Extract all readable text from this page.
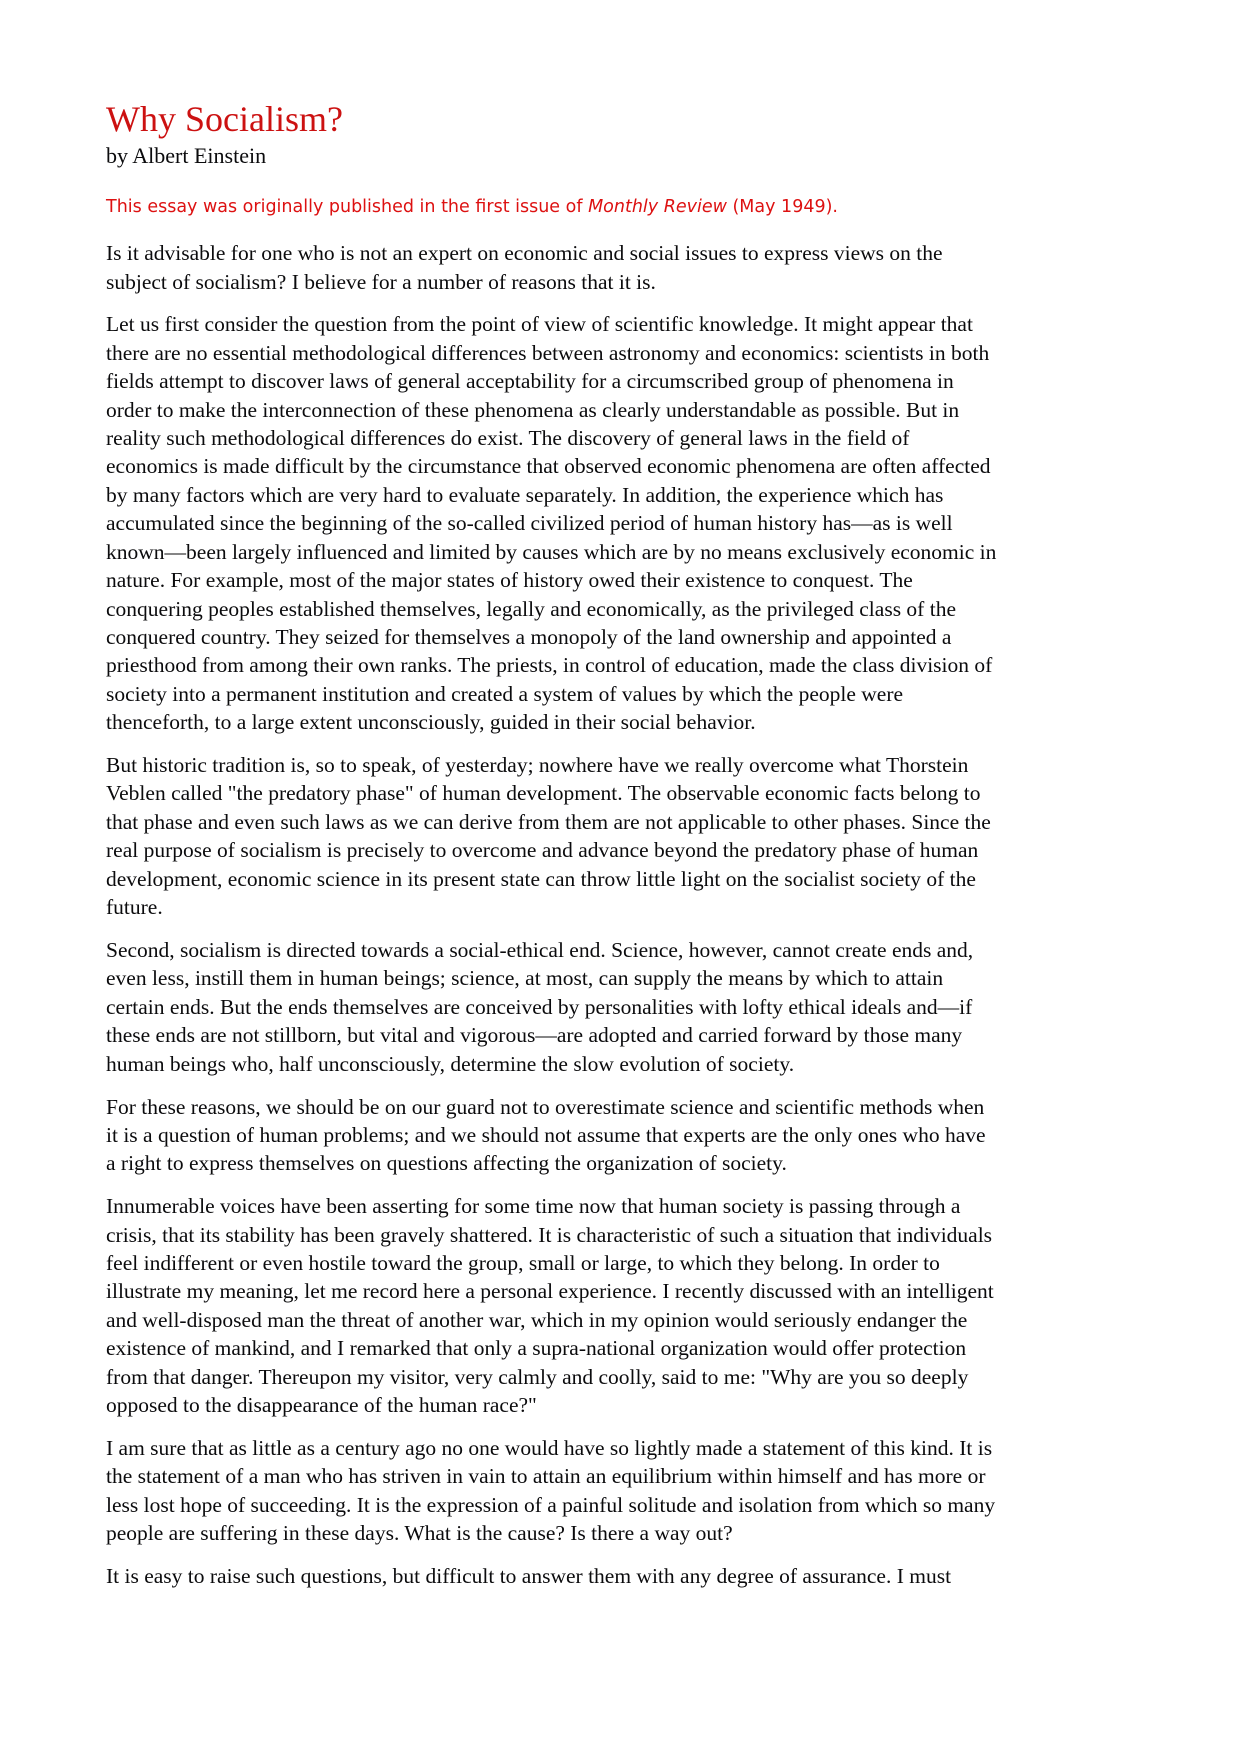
Why Socialism?
by Albert Einstein
This essay was originally published in the first issue of Monthly Review (May 1949).

Is it advisable for one who is not an expert on economic and social issues to express views on the subject of socialism? I believe for a number of reasons that it is.

Let us first consider the question from the point of view of scientific knowledge. It might appear that there are no essential methodological differences between astronomy and economics: scientists in both fields attempt to discover laws of general acceptability for a circumscribed group of phenomena in order to make the interconnection of these phenomena as clearly understandable as possible. But in reality such methodological differences do exist. The discovery of general laws in the field of economics is made difficult by the circumstance that observed economic phenomena are often affected by many factors which are very hard to evaluate separately. In addition, the experience which has accumulated since the beginning of the so-called civilized period of human history has—as is well known—been largely influenced and limited by causes which are by no means exclusively economic in nature. For example, most of the major states of history owed their existence to conquest. The conquering peoples established themselves, legally and economically, as the privileged class of the conquered country. They seized for themselves a monopoly of the land ownership and appointed a priesthood from among their own ranks. The priests, in control of education, made the class division of society into a permanent institution and created a system of values by which the people were thenceforth, to a large extent unconsciously, guided in their social behavior.

But historic tradition is, so to speak, of yesterday; nowhere have we really overcome what Thorstein Veblen called "the predatory phase" of human development. The observable economic facts belong to that phase and even such laws as we can derive from them are not applicable to other phases. Since the real purpose of socialism is precisely to overcome and advance beyond the predatory phase of human development, economic science in its present state can throw little light on the socialist society of the future.

Second, socialism is directed towards a social-ethical end. Science, however, cannot create ends and, even less, instill them in human beings; science, at most, can supply the means by which to attain certain ends. But the ends themselves are conceived by personalities with lofty ethical ideals and—if these ends are not stillborn, but vital and vigorous—are adopted and carried forward by those many human beings who, half unconsciously, determine the slow evolution of society.

For these reasons, we should be on our guard not to overestimate science and scientific methods when it is a question of human problems; and we should not assume that experts are the only ones who have a right to express themselves on questions affecting the organization of society.

Innumerable voices have been asserting for some time now that human society is passing through a crisis, that its stability has been gravely shattered. It is characteristic of such a situation that individuals feel indifferent or even hostile toward the group, small or large, to which they belong. In order to illustrate my meaning, let me record here a personal experience. I recently discussed with an intelligent and well-disposed man the threat of another war, which in my opinion would seriously endanger the existence of mankind, and I remarked that only a supra-national organization would offer protection from that danger. Thereupon my visitor, very calmly and coolly, said to me: "Why are you so deeply opposed to the disappearance of the human race?"

I am sure that as little as a century ago no one would have so lightly made a statement of this kind. It is the statement of a man who has striven in vain to attain an equilibrium within himself and has more or less lost hope of succeeding. It is the expression of a painful solitude and isolation from which so many people are suffering in these days. What is the cause? Is there a way out?

It is easy to raise such questions, but difficult to answer them with any degree of assurance. I must
